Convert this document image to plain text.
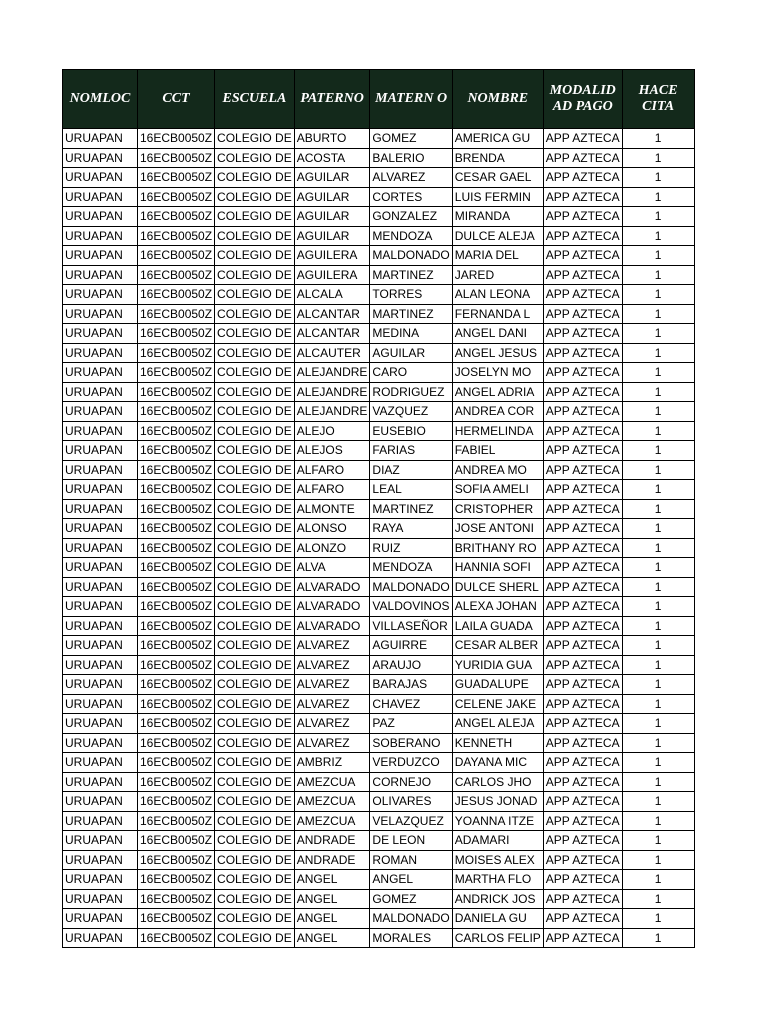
NOMLOC	CCT	ESCUELA	PATERNO	MATERN O	NOMBRE	MODALID AD PAGO	HACE CITA
URUAPAN	16ECB0050Z	COLEGIO DE	ABURTO	GOMEZ	AMERICA GU	APP AZTECA	1
URUAPAN	16ECB0050Z	COLEGIO DE	ACOSTA	BALERIO	BRENDA	APP AZTECA	1
URUAPAN	16ECB0050Z	COLEGIO DE	AGUILAR	ALVAREZ	CESAR GAEL	APP AZTECA	1
URUAPAN	16ECB0050Z	COLEGIO DE	AGUILAR	CORTES	LUIS FERMIN	APP AZTECA	1
URUAPAN	16ECB0050Z	COLEGIO DE	AGUILAR	GONZALEZ	MIRANDA	APP AZTECA	1
URUAPAN	16ECB0050Z	COLEGIO DE	AGUILAR	MENDOZA	DULCE ALEJA	APP AZTECA	1
URUAPAN	16ECB0050Z	COLEGIO DE	AGUILERA	MALDONADO	MARIA DEL	APP AZTECA	1
URUAPAN	16ECB0050Z	COLEGIO DE	AGUILERA	MARTINEZ	JARED	APP AZTECA	1
URUAPAN	16ECB0050Z	COLEGIO DE	ALCALA	TORRES	ALAN LEONA	APP AZTECA	1
URUAPAN	16ECB0050Z	COLEGIO DE	ALCANTAR	MARTINEZ	FERNANDA L	APP AZTECA	1
URUAPAN	16ECB0050Z	COLEGIO DE	ALCANTAR	MEDINA	ANGEL DANI	APP AZTECA	1
URUAPAN	16ECB0050Z	COLEGIO DE	ALCAUTER	AGUILAR	ANGEL JESUS	APP AZTECA	1
URUAPAN	16ECB0050Z	COLEGIO DE	ALEJANDRE	CARO	JOSELYN MO	APP AZTECA	1
URUAPAN	16ECB0050Z	COLEGIO DE	ALEJANDRE	RODRIGUEZ	ANGEL ADRIA	APP AZTECA	1
URUAPAN	16ECB0050Z	COLEGIO DE	ALEJANDRE	VAZQUEZ	ANDREA COR	APP AZTECA	1
URUAPAN	16ECB0050Z	COLEGIO DE	ALEJO	EUSEBIO	HERMELINDA	APP AZTECA	1
URUAPAN	16ECB0050Z	COLEGIO DE	ALEJOS	FARIAS	FABIEL	APP AZTECA	1
URUAPAN	16ECB0050Z	COLEGIO DE	ALFARO	DIAZ	ANDREA MO	APP AZTECA	1
URUAPAN	16ECB0050Z	COLEGIO DE	ALFARO	LEAL	SOFIA AMELI	APP AZTECA	1
URUAPAN	16ECB0050Z	COLEGIO DE	ALMONTE	MARTINEZ	CRISTOPHER	APP AZTECA	1
URUAPAN	16ECB0050Z	COLEGIO DE	ALONSO	RAYA	JOSE ANTONI	APP AZTECA	1
URUAPAN	16ECB0050Z	COLEGIO DE	ALONZO	RUIZ	BRITHANY RO	APP AZTECA	1
URUAPAN	16ECB0050Z	COLEGIO DE	ALVA	MENDOZA	HANNIA SOFI	APP AZTECA	1
URUAPAN	16ECB0050Z	COLEGIO DE	ALVARADO	MALDONADO	DULCE SHERL	APP AZTECA	1
URUAPAN	16ECB0050Z	COLEGIO DE	ALVARADO	VALDOVINOS	ALEXA JOHAN	APP AZTECA	1
URUAPAN	16ECB0050Z	COLEGIO DE	ALVARADO	VILLASEÑOR	LAILA GUADA	APP AZTECA	1
URUAPAN	16ECB0050Z	COLEGIO DE	ALVAREZ	AGUIRRE	CESAR ALBER	APP AZTECA	1
URUAPAN	16ECB0050Z	COLEGIO DE	ALVAREZ	ARAUJO	YURIDIA GUA	APP AZTECA	1
URUAPAN	16ECB0050Z	COLEGIO DE	ALVAREZ	BARAJAS	GUADALUPE	APP AZTECA	1
URUAPAN	16ECB0050Z	COLEGIO DE	ALVAREZ	CHAVEZ	CELENE JAKE	APP AZTECA	1
URUAPAN	16ECB0050Z	COLEGIO DE	ALVAREZ	PAZ	ANGEL ALEJA	APP AZTECA	1
URUAPAN	16ECB0050Z	COLEGIO DE	ALVAREZ	SOBERANO	KENNETH	APP AZTECA	1
URUAPAN	16ECB0050Z	COLEGIO DE	AMBRIZ	VERDUZCO	DAYANA MIC	APP AZTECA	1
URUAPAN	16ECB0050Z	COLEGIO DE	AMEZCUA	CORNEJO	CARLOS JHO	APP AZTECA	1
URUAPAN	16ECB0050Z	COLEGIO DE	AMEZCUA	OLIVARES	JESUS JONAD	APP AZTECA	1
URUAPAN	16ECB0050Z	COLEGIO DE	AMEZCUA	VELAZQUEZ	YOANNA ITZE	APP AZTECA	1
URUAPAN	16ECB0050Z	COLEGIO DE	ANDRADE	DE LEON	ADAMARI	APP AZTECA	1
URUAPAN	16ECB0050Z	COLEGIO DE	ANDRADE	ROMAN	MOISES ALEX	APP AZTECA	1
URUAPAN	16ECB0050Z	COLEGIO DE	ANGEL	ANGEL	MARTHA FLO	APP AZTECA	1
URUAPAN	16ECB0050Z	COLEGIO DE	ANGEL	GOMEZ	ANDRICK JOS	APP AZTECA	1
URUAPAN	16ECB0050Z	COLEGIO DE	ANGEL	MALDONADO	DANIELA GU	APP AZTECA	1
URUAPAN	16ECB0050Z	COLEGIO DE	ANGEL	MORALES	CARLOS FELIP	APP AZTECA	1
